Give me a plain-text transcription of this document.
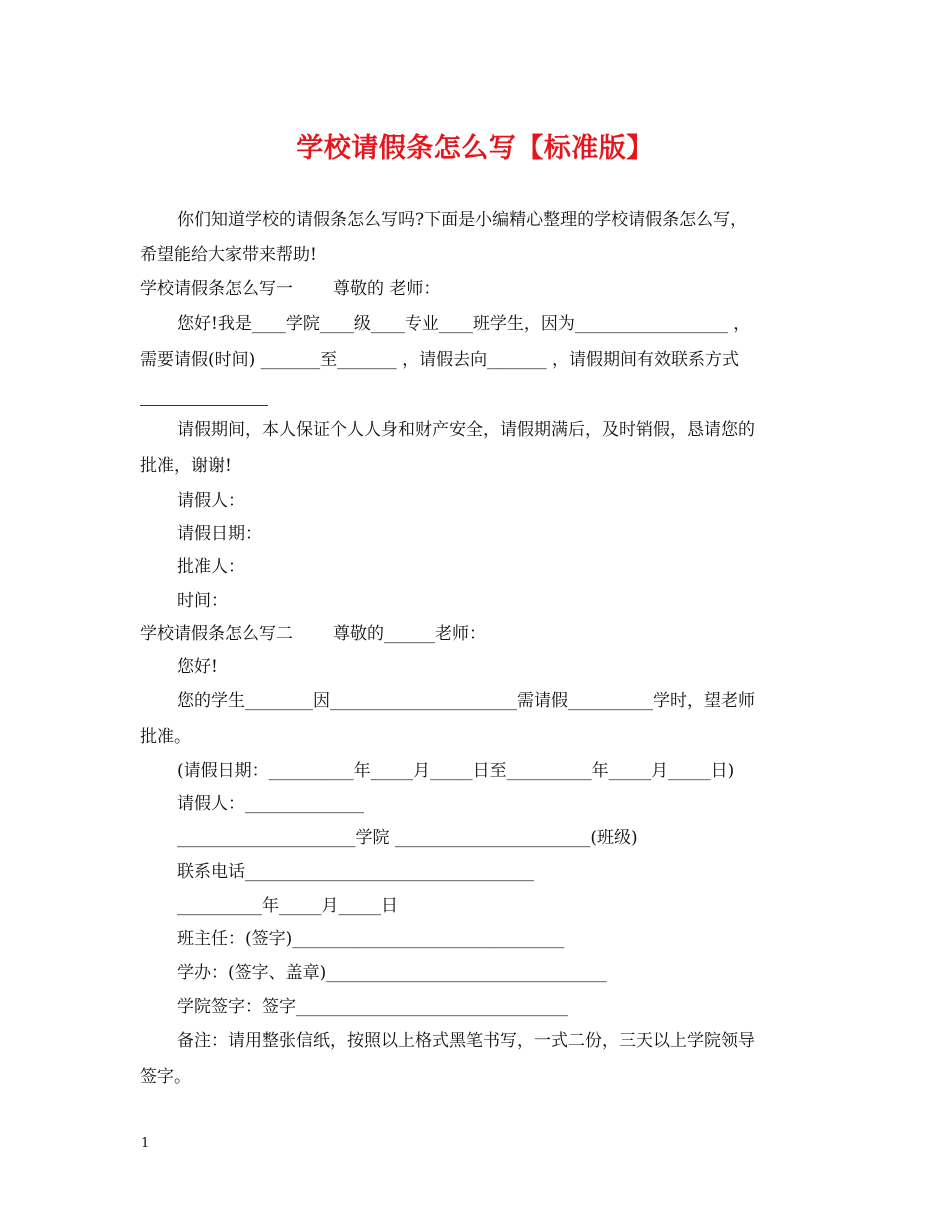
学校请假条怎么写【标准版】
你们知道学校的请假条怎么写吗?下面是小编精心整理的学校请假条怎么写，
希望能给大家带来帮助!
学校请假条怎么写一 尊敬的 老师：
您好!我是____学院____级____专业____班学生，因为__________________ ，
需要请假(时间) _______至_______ ，请假去向_______ ，请假期间有效联系方式
请假期间，本人保证个人人身和财产安全，请假期满后，及时销假，恳请您的
批准，谢谢!
请假人：
请假日期：
批准人：
时间：
学校请假条怎么写二 尊敬的______老师：
您好!
您的学生________因______________________需请假__________学时，望老师
批准。
(请假日期：__________年_____月_____日至__________年_____月_____日)
请假人：______________
_____________________学院 _______________________(班级)
联系电话__________________________________
__________年_____月_____日
班主任：(签字)________________________________
学办：(签字、盖章)_________________________________
学院签字：签字________________________________
备注：请用整张信纸，按照以上格式黑笔书写，一式二份，三天以上学院领导
签字。
1
